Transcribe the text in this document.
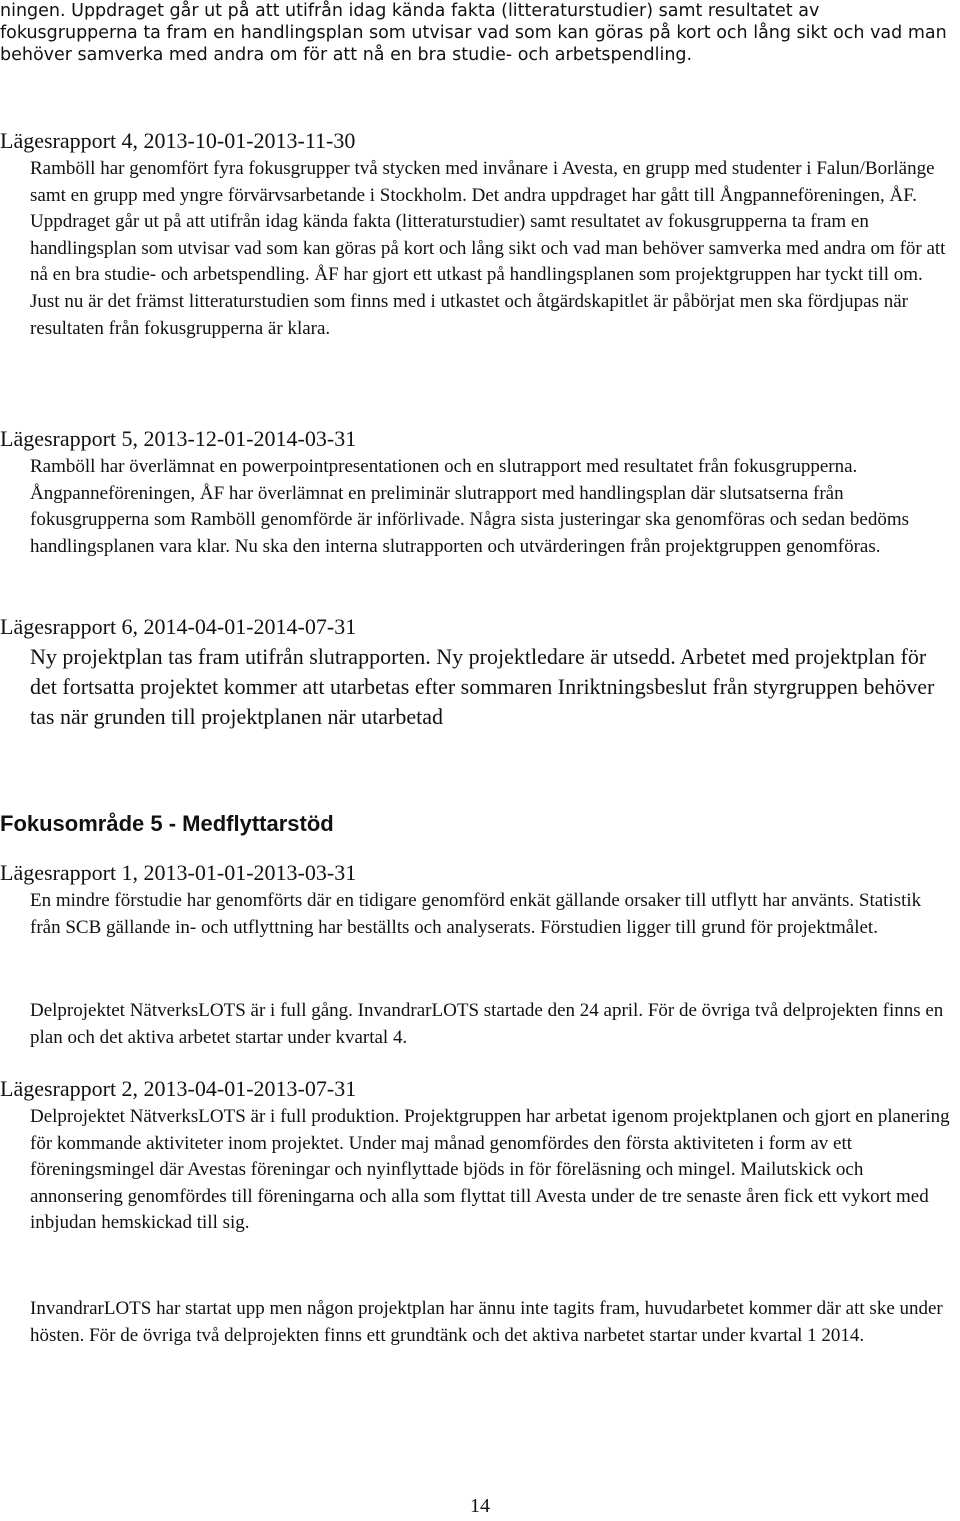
ningen. Uppdraget går ut på att utifrån idag kända fakta (litteraturstudier) samt resultatet av fokusgrupperna ta fram en handlingsplan som utvisar vad som kan göras på kort och lång sikt och vad man behöver samverka med andra om för att nå en bra studie- och arbetspendling.

Lägesrapport 4, 2013-10-01-2013-11-30

Ramböll har genomfört fyra fokusgrupper två stycken med invånare i Avesta, en grupp med studenter i Falun/Borlänge samt en grupp med yngre förvärvsarbetande i Stockholm. Det andra uppdraget har gått till Ångpanneföreningen, ÅF. Uppdraget går ut på att utifrån idag kända fakta (litteraturstudier) samt resultatet av fokusgrupperna ta fram en handlingsplan som utvisar vad som kan göras på kort och lång sikt och vad man behöver samverka med andra om för att nå en bra studie- och arbetspendling. ÅF har gjort ett utkast på handlingsplanen som projektgruppen har tyckt till om. Just nu är det främst litteraturstudien som finns med i utkastet och åtgärdskapitlet är påbörjat men ska fördjupas när resultaten från fokusgrupperna är klara.

Lägesrapport 5, 2013-12-01-2014-03-31

Ramböll har överlämnat en powerpointpresentationen och en slutrapport med resultatet från fokusgrupperna. Ångpanneföreningen, ÅF har överlämnat en preliminär slutrapport med handlingsplan där slutsatserna från fokusgrupperna som Ramböll genomförde är införlivade. Några sista justeringar ska genomföras och sedan bedöms handlingsplanen vara klar. Nu ska den interna slutrapporten och utvärderingen från projektgruppen genomföras.

Lägesrapport 6, 2014-04-01-2014-07-31

Ny projektplan tas fram utifrån slutrapporten. Ny projektledare är utsedd. Arbetet med projektplan för det fortsatta projektet kommer att utarbetas efter sommaren Inriktningsbeslut från styrgruppen behöver tas när grunden till projektplanen när utarbetad

Fokusområde 5 - Medflyttarstöd
Lägesrapport 1, 2013-01-01-2013-03-31

En mindre förstudie har genomförts där en tidigare genomförd enkät gällande orsaker till utflytt har använts. Statistik från SCB gällande in- och utflyttning har beställts och analyserats. Förstudien ligger till grund för projektmålet.

Delprojektet NätverksLOTS är i full gång. InvandrarLOTS startade den 24 april. För de övriga två delprojekten finns en plan och det aktiva arbetet startar under kvartal 4.

Lägesrapport 2, 2013-04-01-2013-07-31

Delprojektet NätverksLOTS är i full produktion. Projektgruppen har arbetat igenom projektplanen och gjort en planering för kommande aktiviteter inom projektet. Under maj månad genomfördes den första aktiviteten i form av ett föreningsmingel där Avestas föreningar och nyinflyttade bjöds in för föreläsning och mingel. Mailutskick och annonsering genomfördes till föreningarna och alla som flyttat till Avesta under de tre senaste åren fick ett vykort med inbjudan hemskickad till sig.

InvandrarLOTS har startat upp men någon projektplan har ännu inte tagits fram, huvudarbetet kommer där att ske under hösten. För de övriga två delprojekten finns ett grundtänk och det aktiva narbetet startar under kvartal 1 2014.

14
